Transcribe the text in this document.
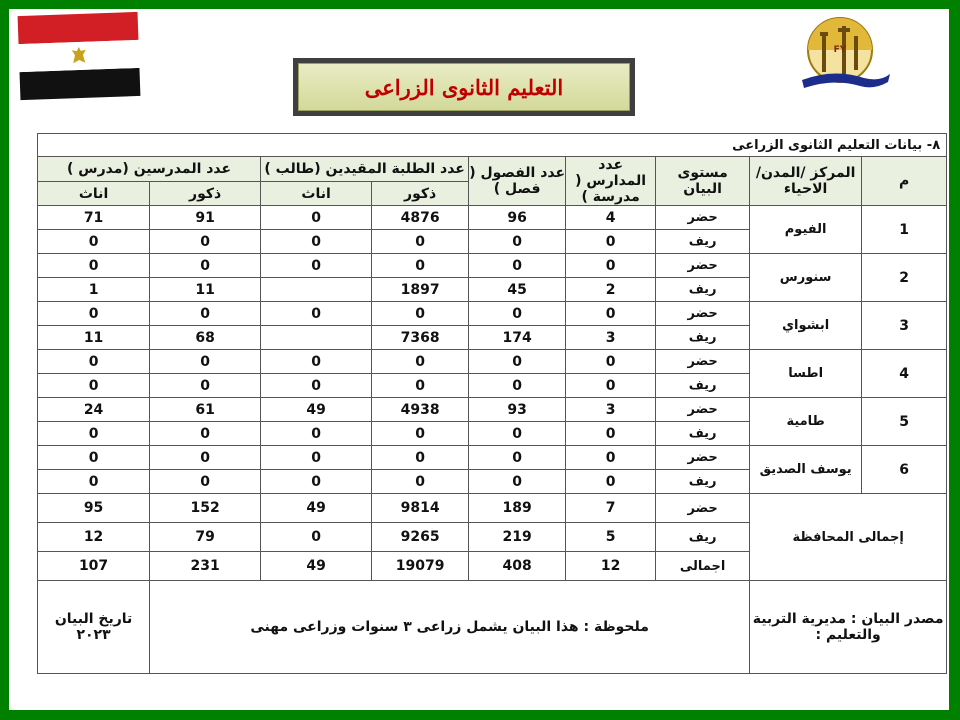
FY
التعليم الثانوى الزراعى
٨- بيانات التعليم الثانوى الزراعى								
م	المركز /المدن/الاحياء	مستوى البيان	عدد المدارس ( مدرسة )	عدد الفصول ( فصل )	عدد الطلبة المقيدين (طالب )		عدد المدرسين (مدرس )	
					ذكور	اناث	ذكور	اناث
1	الفيوم	حضر	4	96	4876	0	91	71
		ريف	0	0	0	0	0	0
2	سنورس	حضر	0	0	0	0	0	0
		ريف	2	45	1897		11	1
3	ابشواي	حضر	0	0	0	0	0	0
		ريف	3	174	7368		68	11
4	اطسا	حضر	0	0	0	0	0	0
		ريف	0	0	0	0	0	0
5	طامية	حضر	3	93	4938	49	61	24
		ريف	0	0	0	0	0	0
6	يوسف الصديق	حضر	0	0	0	0	0	0
		ريف	0	0	0	0	0	0
إجمالى المحافظة		حضر	7	189	9814	49	152	95
		ريف	5	219	9265	0	79	12
		اجمالى	12	408	19079	49	231	107
مصدر البيان : مديرية التربية والتعليم :		ملحوظة : هذا البيان يشمل زراعى ٣ سنوات وزراعى مهنى						تاريخ البيان ٢٠٢٣
